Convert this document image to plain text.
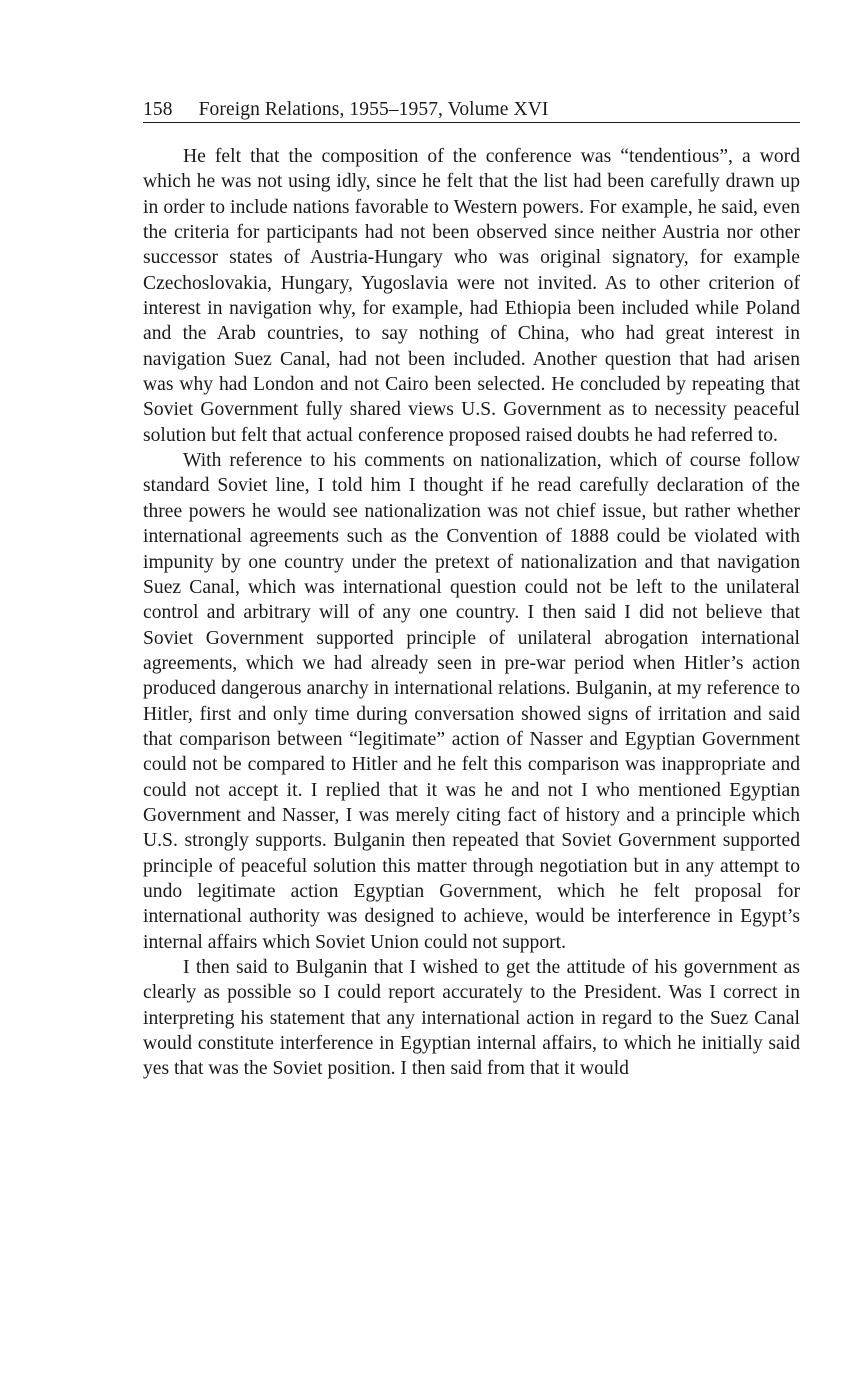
158 Foreign Relations, 1955–1957, Volume XVI

He felt that the composition of the conference was “tendentious”, a word which he was not using idly, since he felt that the list had been carefully drawn up in order to include nations favorable to Western powers. For example, he said, even the criteria for participants had not been observed since neither Austria nor other successor states of Austria-Hungary who was original signatory, for example Czechoslovakia, Hungary, Yugoslavia were not invited. As to other criterion of interest in navigation why, for example, had Ethiopia been included while Poland and the Arab countries, to say nothing of China, who had great interest in navigation Suez Canal, had not been included. Another question that had arisen was why had London and not Cairo been selected. He concluded by repeating that Soviet Government fully shared views U.S. Government as to necessity peaceful solution but felt that actual conference proposed raised doubts he had referred to.

With reference to his comments on nationalization, which of course follow standard Soviet line, I told him I thought if he read carefully declaration of the three powers he would see nationalization was not chief issue, but rather whether international agreements such as the Convention of 1888 could be violated with impunity by one country under the pretext of nationalization and that navigation Suez Canal, which was international question could not be left to the unilateral control and arbitrary will of any one country. I then said I did not believe that Soviet Government supported principle of unilateral abrogation international agreements, which we had already seen in pre-war period when Hitler’s action produced dangerous anarchy in international relations. Bulganin, at my reference to Hitler, first and only time during conversation showed signs of irritation and said that comparison between “legitimate” action of Nasser and Egyptian Government could not be compared to Hitler and he felt this comparison was inappropriate and could not accept it. I replied that it was he and not I who mentioned Egyptian Government and Nasser, I was merely citing fact of history and a principle which U.S. strongly supports. Bulganin then repeated that Soviet Government supported principle of peaceful solution this matter through negotiation but in any attempt to undo legitimate action Egyptian Government, which he felt proposal for international authority was designed to achieve, would be interference in Egypt’s internal affairs which Soviet Union could not support.

I then said to Bulganin that I wished to get the attitude of his government as clearly as possible so I could report accurately to the President. Was I correct in interpreting his statement that any international action in regard to the Suez Canal would constitute interference in Egyptian internal affairs, to which he initially said yes that was the Soviet position. I then said from that it would
